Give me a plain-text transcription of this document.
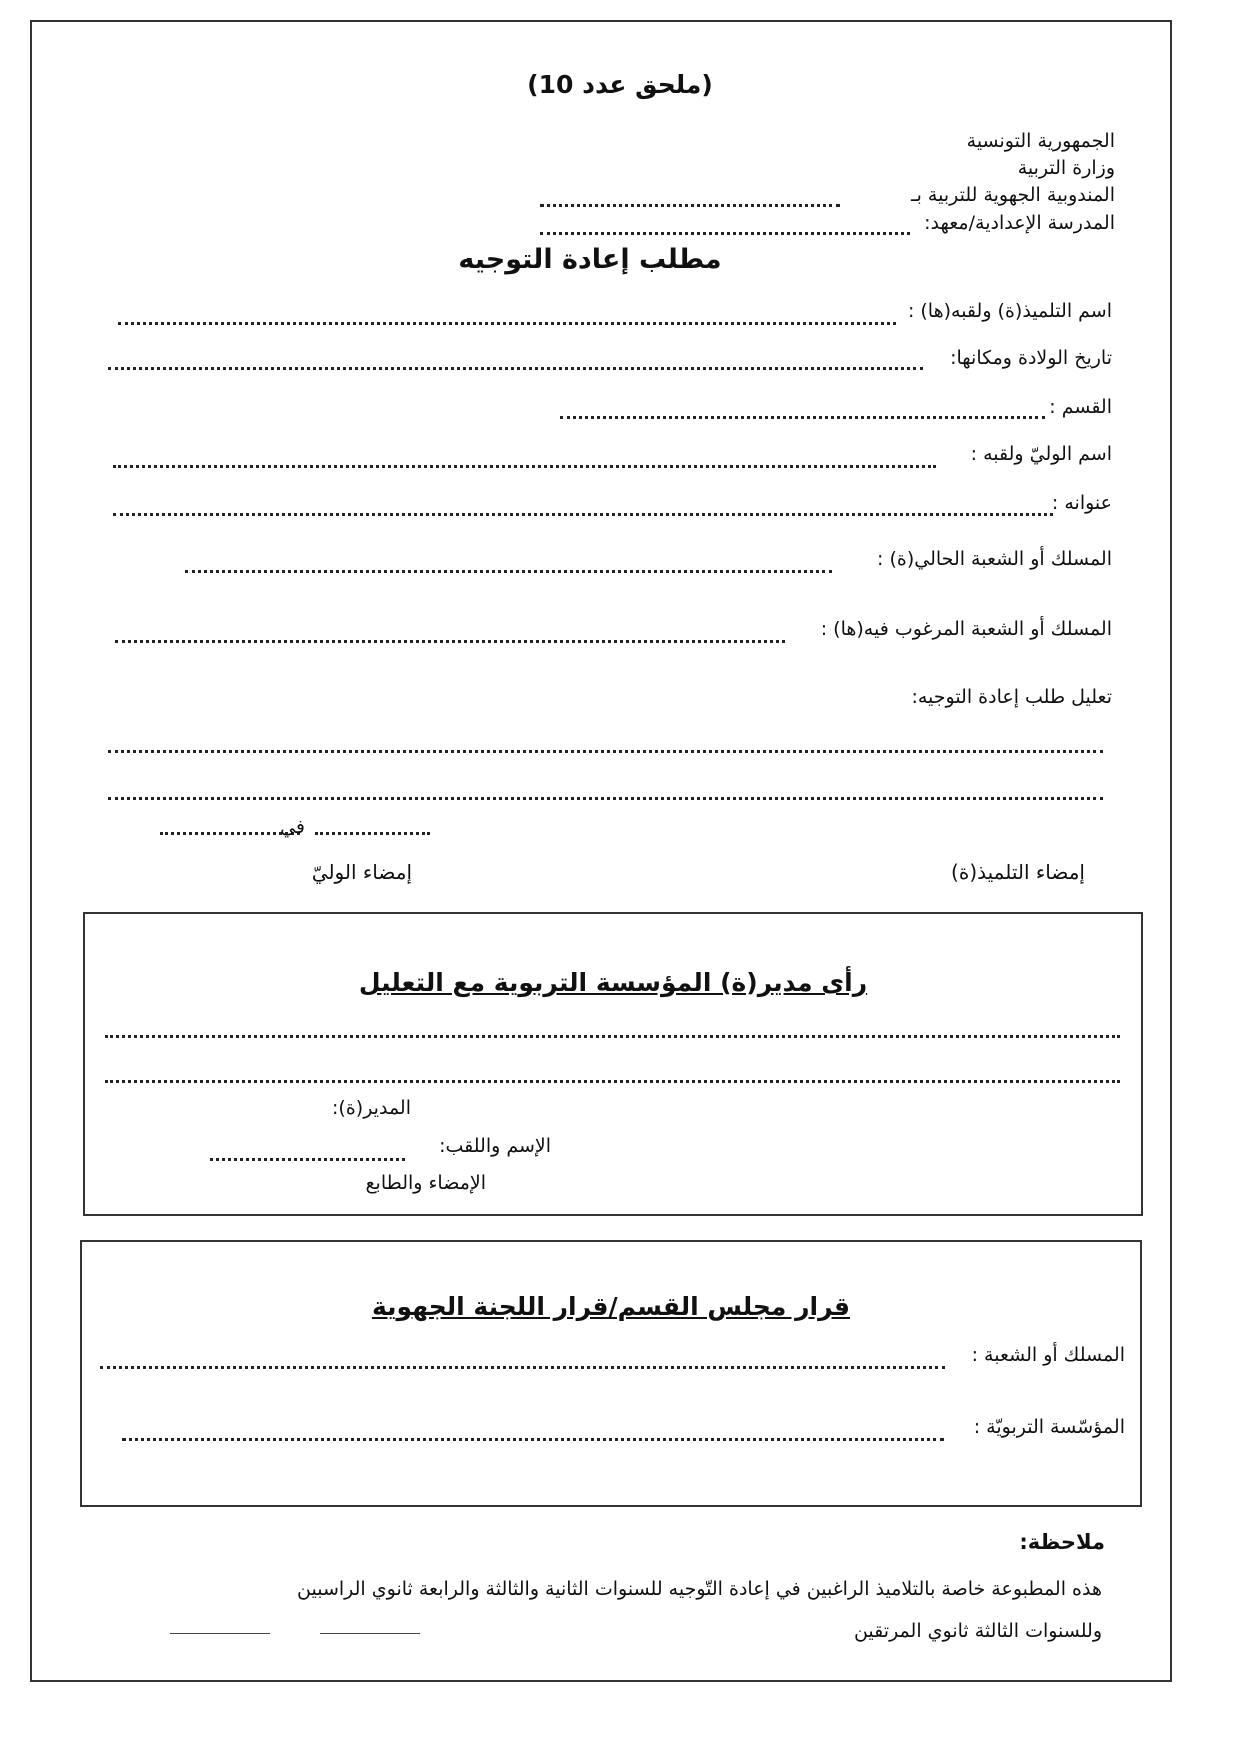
(ملحق عدد 10)
الجمهورية التونسية
وزارة التربية
المندوبية الجهوية للتربية بـ
المدرسة الإعدادية/معهد:
مطلب إعادة التوجيه
اسم التلميذ(ة) ولقبه(ها) :
تاريخ الولادة ومكانها:
القسم :
اسم الوليّ ولقبه :
عنوانه :
المسلك أو الشعبة الحالي(ة) :
المسلك أو الشعبة المرغوب فيه(ها) :
تعليل طلب إعادة التوجيه:
في
إمضاء التلميذ(ة)
إمضاء الوليّ
رأى مدير(ة) المؤسسة التربوية مع التعليل
المدير(ة):
الإسم واللقب:
الإمضاء والطابع
قرار مجلس القسم/قرار اللجنة الجهوية
المسلك أو الشعبة :
المؤسّسة التربويّة :
ملاحظة:
هذه المطبوعة خاصة بالتلاميذ الراغبين في إعادة التّوجيه للسنوات الثانية والثالثة والرابعة ثانوي الراسبين
وللسنوات الثالثة ثانوي المرتقين
